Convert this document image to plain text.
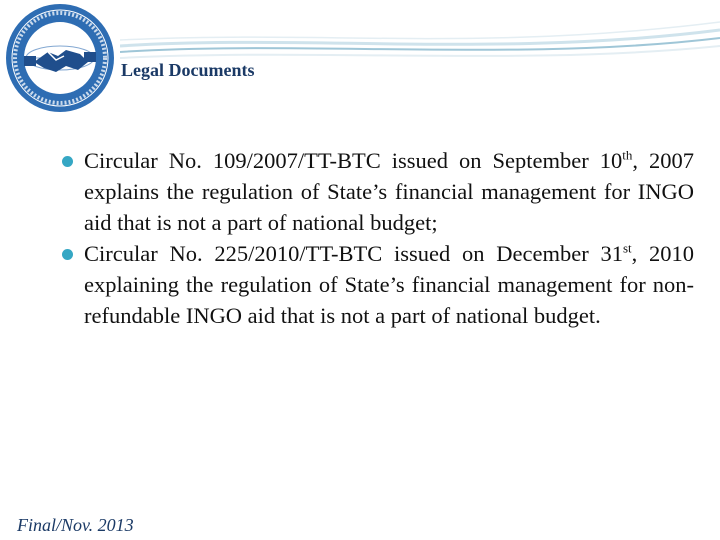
Legal Documents
Circular No. 109/2007/TT-BTC issued on September 10th, 2007 explains the regulation of State’s financial management for INGO aid that is not a part of national budget;
Circular No. 225/2010/TT-BTC issued on December 31st, 2010 explaining the regulation of State’s financial management for non-refundable INGO aid that is not a part of national budget.
Final/Nov. 2013
